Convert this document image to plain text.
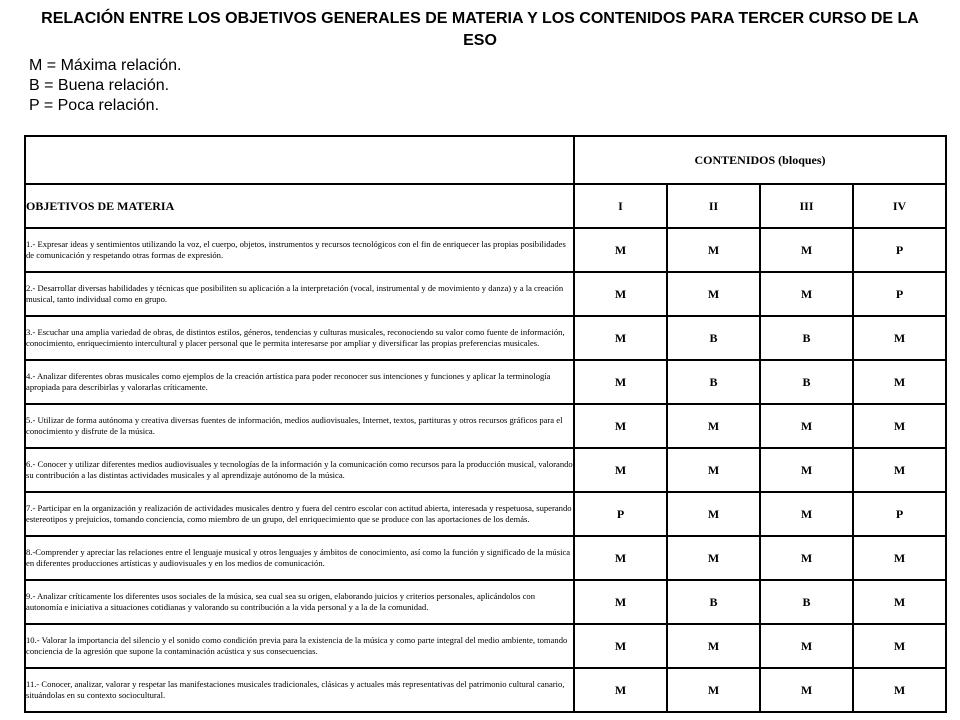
RELACIÓN ENTRE LOS OBJETIVOS GENERALES DE MATERIA Y LOS CONTENIDOS PARA TERCER CURSO DE LA ESO
M = Máxima relación.
B = Buena relación.
P = Poca relación.
	CONTENIDOS (bloques)			
OBJETIVOS DE MATERIA	I	II	III	IV
1.- Expresar ideas y sentimientos utilizando la voz, el cuerpo, objetos, instrumentos y recursos tecnológicos con el fin de enriquecer las propias posibilidades de comunicación y respetando otras formas de expresión.	M	M	M	P
2.- Desarrollar diversas habilidades y técnicas que posibiliten su aplicación a la interpretación (vocal, instrumental y de movimiento y danza) y a la creación musical, tanto individual como en grupo.	M	M	M	P
3.- Escuchar una amplia variedad de obras, de distintos estilos, géneros, tendencias y culturas musicales, reconociendo su valor como fuente de información, conocimiento, enriquecimiento intercultural y placer personal que le permita interesarse por ampliar y diversificar las propias preferencias musicales.	M	B	B	M
4.- Analizar diferentes obras musicales como ejemplos de la creación artística para poder reconocer sus intenciones y funciones y aplicar la terminología apropiada para describirlas y valorarlas críticamente.	M	B	B	M
5.- Utilizar de forma autónoma y creativa diversas fuentes de información, medios audiovisuales, Internet, textos, partituras y otros recursos gráficos para el conocimiento y disfrute de la música.	M	M	M	M
6.- Conocer y utilizar diferentes medios audiovisuales y tecnologías de la información y la comunicación como recursos para la producción musical, valorando su contribución a las distintas actividades musicales y al aprendizaje autónomo de la música.	M	M	M	M
7.- Participar en la organización y realización de actividades musicales dentro y fuera del centro escolar con actitud abierta, interesada y respetuosa, superando estereotipos y prejuicios, tomando conciencia, como miembro de un grupo, del enriquecimiento que se produce con las aportaciones de los demás.	P	M	M	P
8.-Comprender y apreciar las relaciones entre el lenguaje musical y otros lenguajes y ámbitos de conocimiento, así como la función y significado de la música en diferentes producciones artísticas y audiovisuales y en los medios de comunicación.	M	M	M	M
9.- Analizar críticamente los diferentes usos sociales de la música, sea cual sea su origen, elaborando juicios y criterios personales, aplicándolos con autonomía e iniciativa a situaciones cotidianas y valorando su contribución a la vida personal y a la de la comunidad.	M	B	B	M
10.- Valorar la importancia del silencio y el sonido como condición previa para la existencia de la música y como parte integral del medio ambiente, tomando conciencia de la agresión que supone la contaminación acústica y sus consecuencias.	M	M	M	M
11.- Conocer, analizar, valorar y respetar las manifestaciones musicales tradicionales, clásicas y actuales más representativas del patrimonio cultural canario, situándolas en su contexto sociocultural.	M	M	M	M
